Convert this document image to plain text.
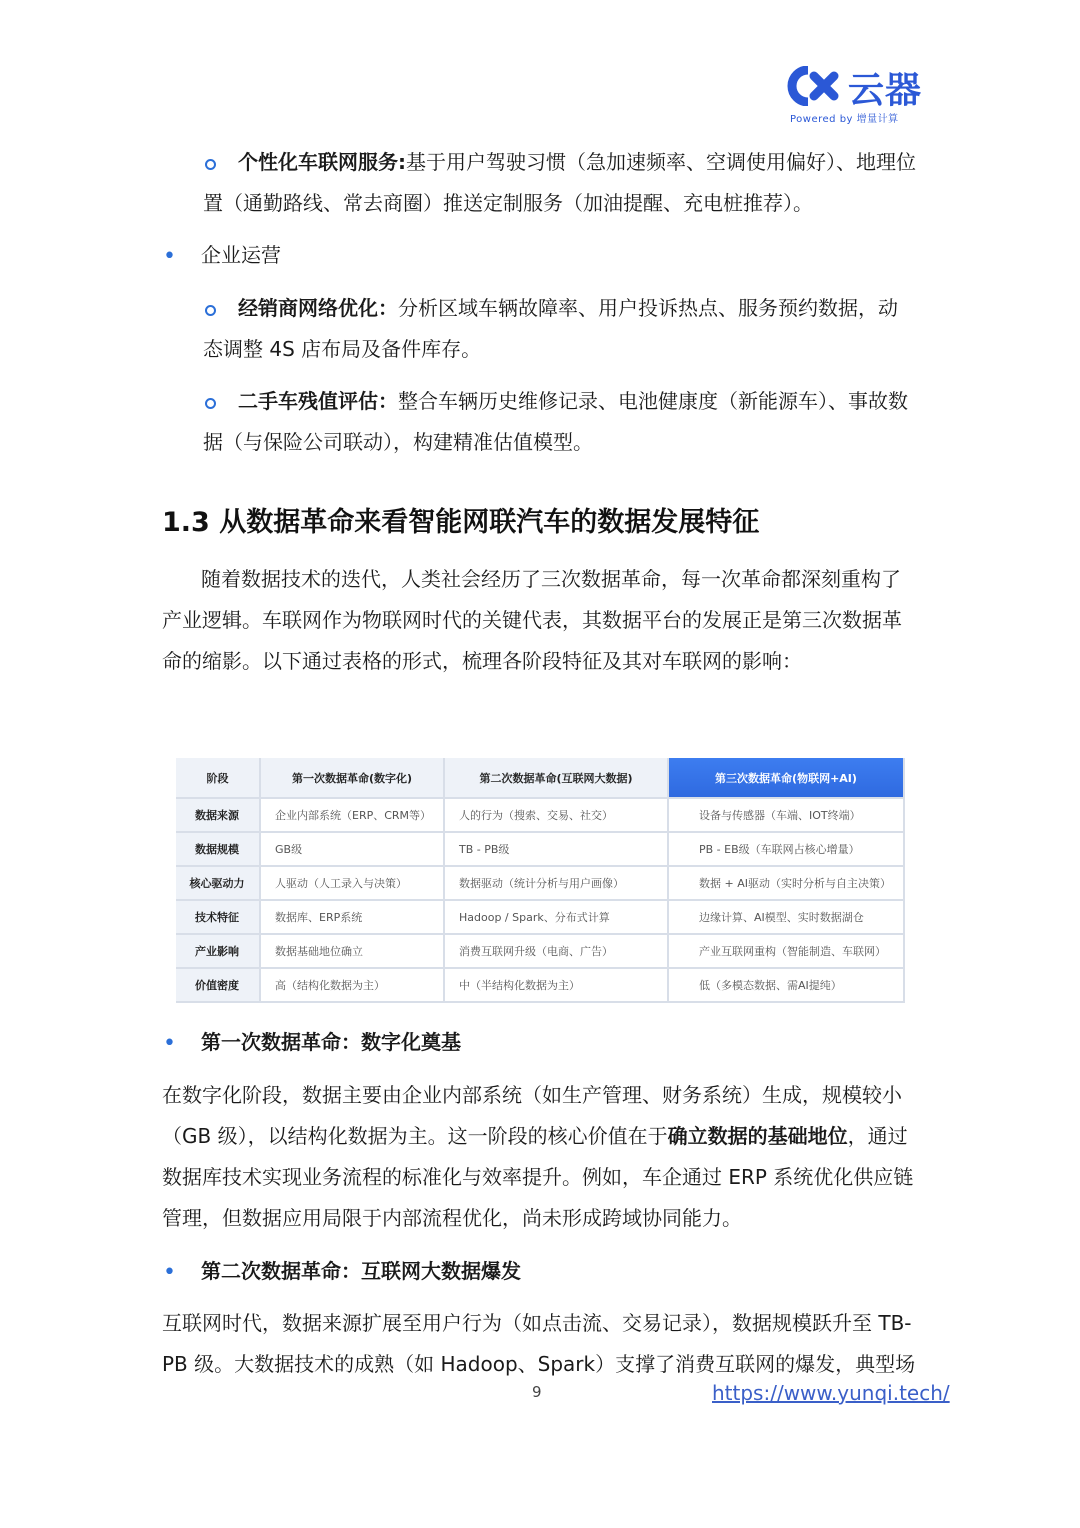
云器
Powered by 增量计算

个性化车联网服务:基于用户驾驶习惯（急加速频率、空调使用偏好）、地理位

置（通勤路线、常去商圈）推送定制服务（加油提醒、充电桩推荐）。

• 企业运营

经销商网络优化：分析区域车辆故障率、用户投诉热点、服务预约数据，动

态调整 4S 店布局及备件库存。

二手车残值评估：整合车辆历史维修记录、电池健康度（新能源车）、事故数

据（与保险公司联动），构建精准估值模型。

1.3 从数据革命来看智能网联汽车的数据发展特征

随着数据技术的迭代，人类社会经历了三次数据革命，每一次革命都深刻重构了

产业逻辑。车联网作为物联网时代的关键代表，其数据平台的发展正是第三次数据革

命的缩影。以下通过表格的形式，梳理各阶段特征及其对车联网的影响：

阶段	第一次数据革命(数字化)	第二次数据革命(互联网大数据)	第三次数据革命(物联网+AI)
数据来源	企业内部系统（ERP、CRM等）	人的行为（搜索、交易、社交）	设备与传感器（车端、IOT终端）
数据规模	GB级	TB - PB级	PB - EB级（车联网占核心增量）
核心驱动力	人驱动（人工录入与决策）	数据驱动（统计分析与用户画像）	数据 + AI驱动（实时分析与自主决策）
技术特征	数据库、ERP系统	Hadoop / Spark、分布式计算	边缘计算、AI模型、实时数据湖仓
产业影响	数据基础地位确立	消费互联网升级（电商、广告）	产业互联网重构（智能制造、车联网）
价值密度	高（结构化数据为主）	中（半结构化数据为主）	低（多模态数据、需AI提纯）
• 第一次数据革命：数字化奠基

在数字化阶段，数据主要由企业内部系统（如生产管理、财务系统）生成，规模较小

（GB 级），以结构化数据为主。这一阶段的核心价值在于确立数据的基础地位，通过

数据库技术实现业务流程的标准化与效率提升。例如，车企通过 ERP 系统优化供应链

管理，但数据应用局限于内部流程优化，尚未形成跨域协同能力。

• 第二次数据革命：互联网大数据爆发

互联网时代，数据来源扩展至用户行为（如点击流、交易记录），数据规模跃升至 TB-

PB 级。大数据技术的成熟（如 Hadoop、Spark）支撑了消费互联网的爆发，典型场

9	https://www.yunqi.tech/
